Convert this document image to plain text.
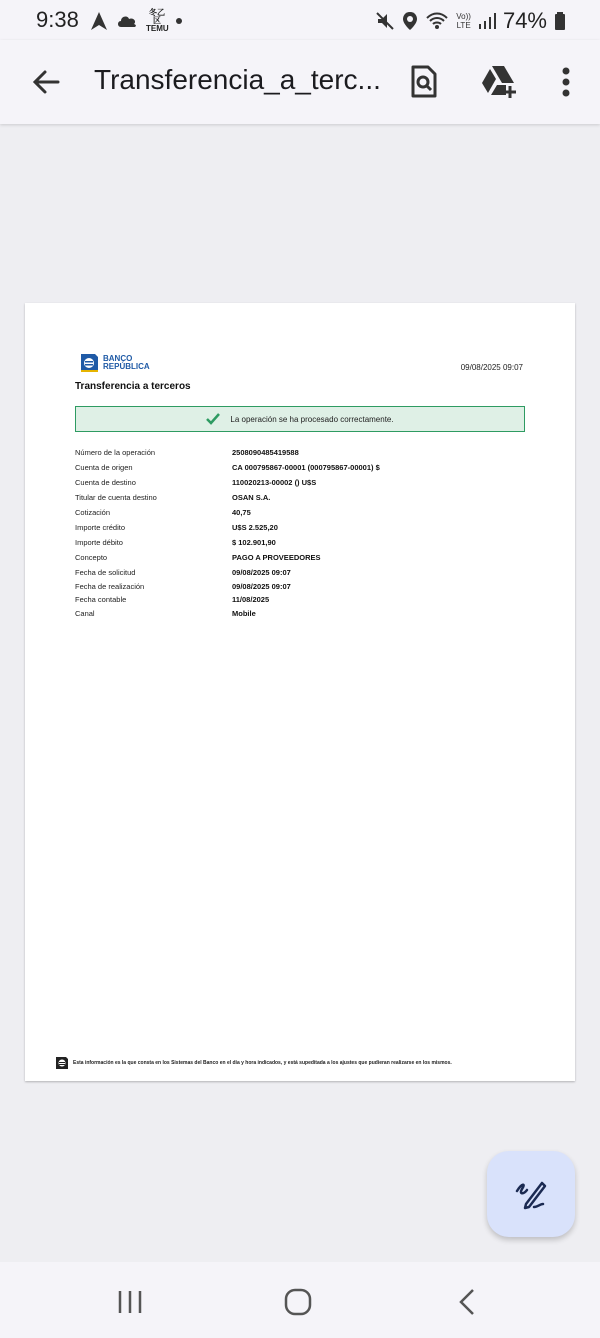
9:38	冬乙区
TEMU
Vo))
LTE 74%
Transferencia_a_terc...
BANCO
REPÚBLICA	09/08/2025 09:07
Transferencia a terceros
La operación se ha procesado correctamente.
Número de la operación	2508090485419588
Cuenta de origen	CA 000795867-00001 (000795867-00001) $
Cuenta de destino	110020213-00002 () U$S
Titular de cuenta destino	OSAN S.A.
Cotización	40,75
Importe crédito	U$S 2.525,20
Importe débito	$ 102.901,90
Concepto	PAGO A PROVEEDORES
Fecha de solicitud	09/08/2025 09:07
Fecha de realización	09/08/2025 09:07
Fecha contable	11/08/2025
Canal	Mobile
Esta información es la que consta en los Sistemas del Banco en el día y hora indicados, y está supeditada a los ajustes que pudieran realizarse en los mismos.
